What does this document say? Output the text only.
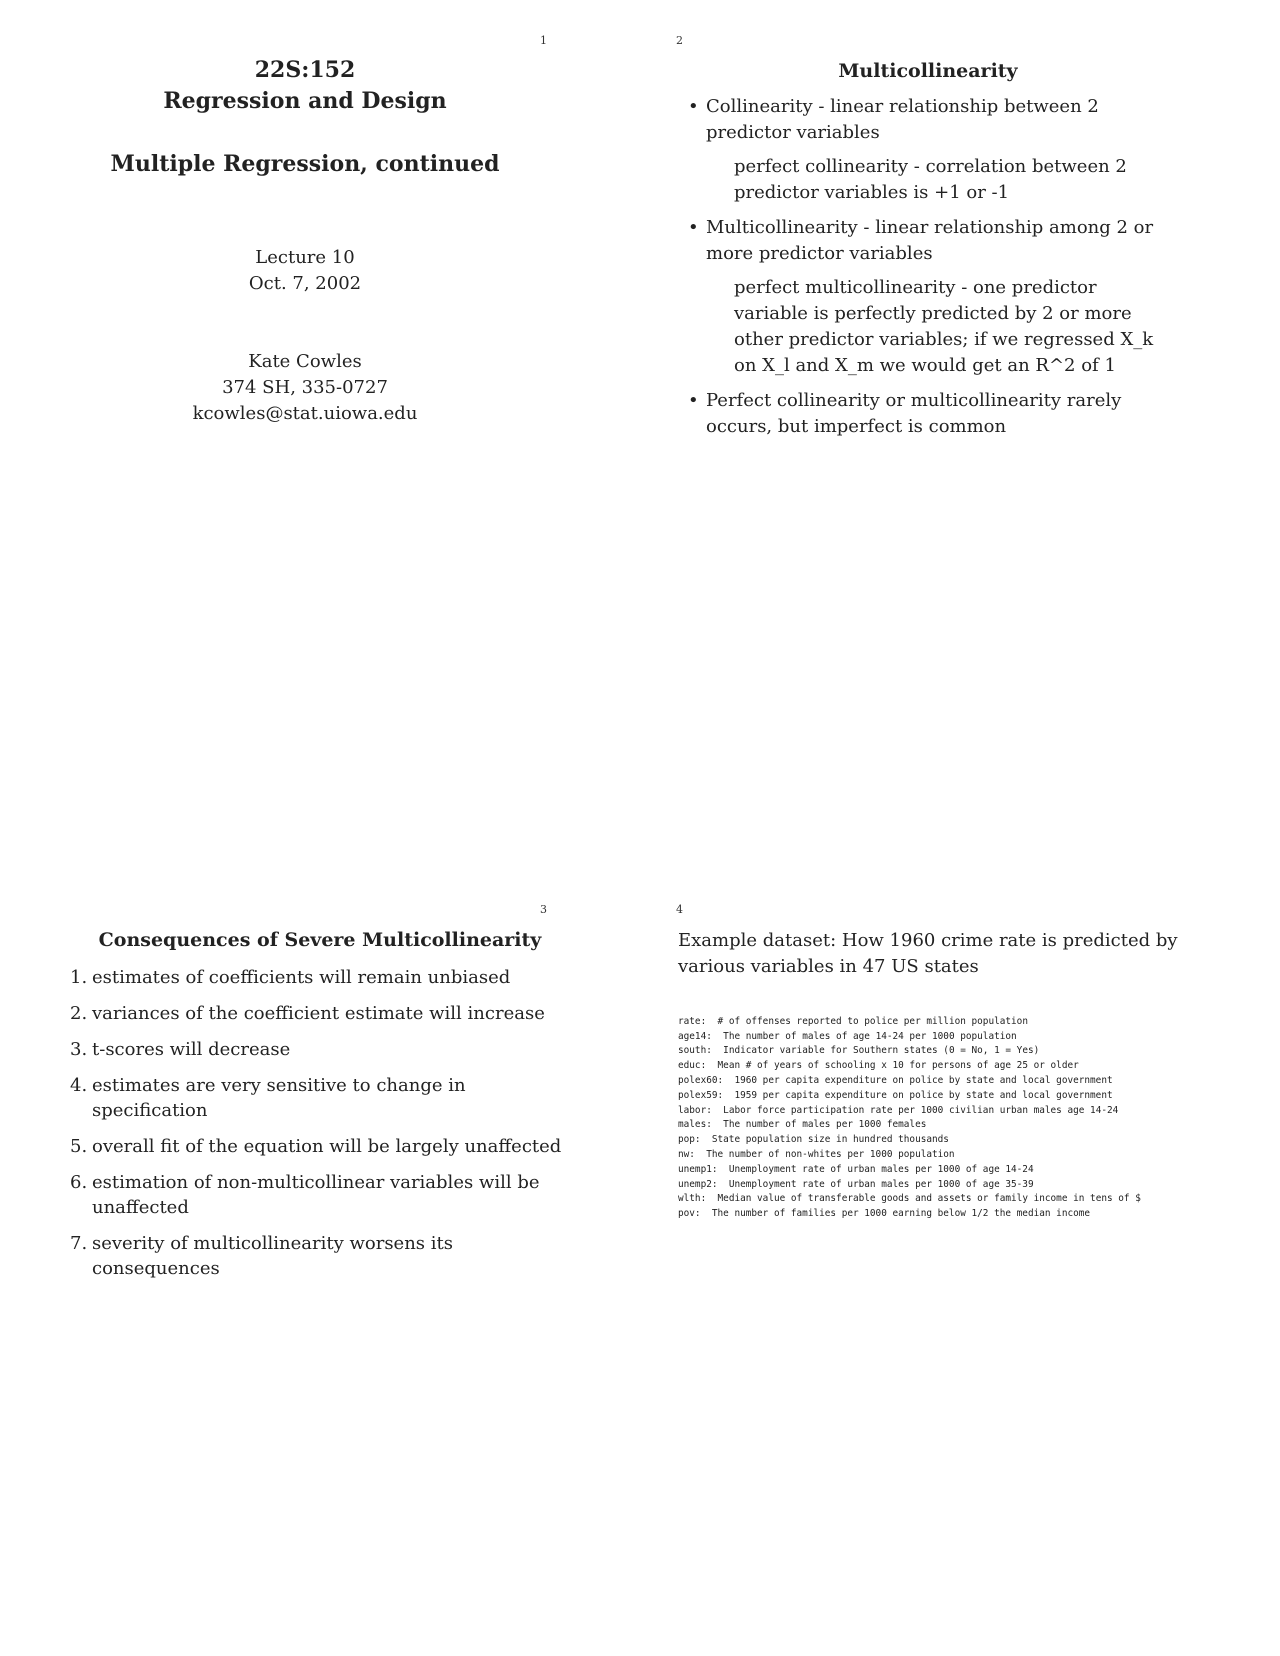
1	2
3	4
22S:152
Regression and Design
Multiple Regression, continued
Lecture 10
Oct. 7, 2002
Kate Cowles
374 SH, 335-0727
kcowles@stat.uiowa.edu
Multicollinearity
• Collinearity - linear relationship between 2 predictor variables
perfect collinearity - correlation between 2 predictor variables is +1 or -1
• Multicollinearity - linear relationship among 2 or more predictor variables
perfect multicollinearity - one predictor variable is perfectly predicted by 2 or more other predictor variables; if we regressed X_k on X_l and X_m we would get an R^2 of 1
• Perfect collinearity or multicollinearity rarely occurs, but imperfect is common
Consequences of Severe Multicollinearity
1. estimates of coefficients will remain unbiased
2. variances of the coefficient estimate will increase
3. t-scores will decrease
4. estimates are very sensitive to change in specification
5. overall fit of the equation will be largely unaffected
6. estimation of non-multicollinear variables will be unaffected
7. severity of multicollinearity worsens its consequences
Example dataset: How 1960 crime rate is predicted by various variables in 47 US states

rate: # of offenses reported to police per million population
age14: The number of males of age 14-24 per 1000 population
south: Indicator variable for Southern states (0 = No, 1 = Yes)
educ: Mean # of years of schooling x 10 for persons of age 25 or older
polex60: 1960 per capita expenditure on police by state and local government
polex59: 1959 per capita expenditure on police by state and local government
labor: Labor force participation rate per 1000 civilian urban males age 14-24
males: The number of males per 1000 females
pop: State population size in hundred thousands
nw: The number of non-whites per 1000 population
unemp1: Unemployment rate of urban males per 1000 of age 14-24
unemp2: Unemployment rate of urban males per 1000 of age 35-39
wlth: Median value of transferable goods and assets or family income in tens of $
pov: The number of families per 1000 earning below 1/2 the median income
